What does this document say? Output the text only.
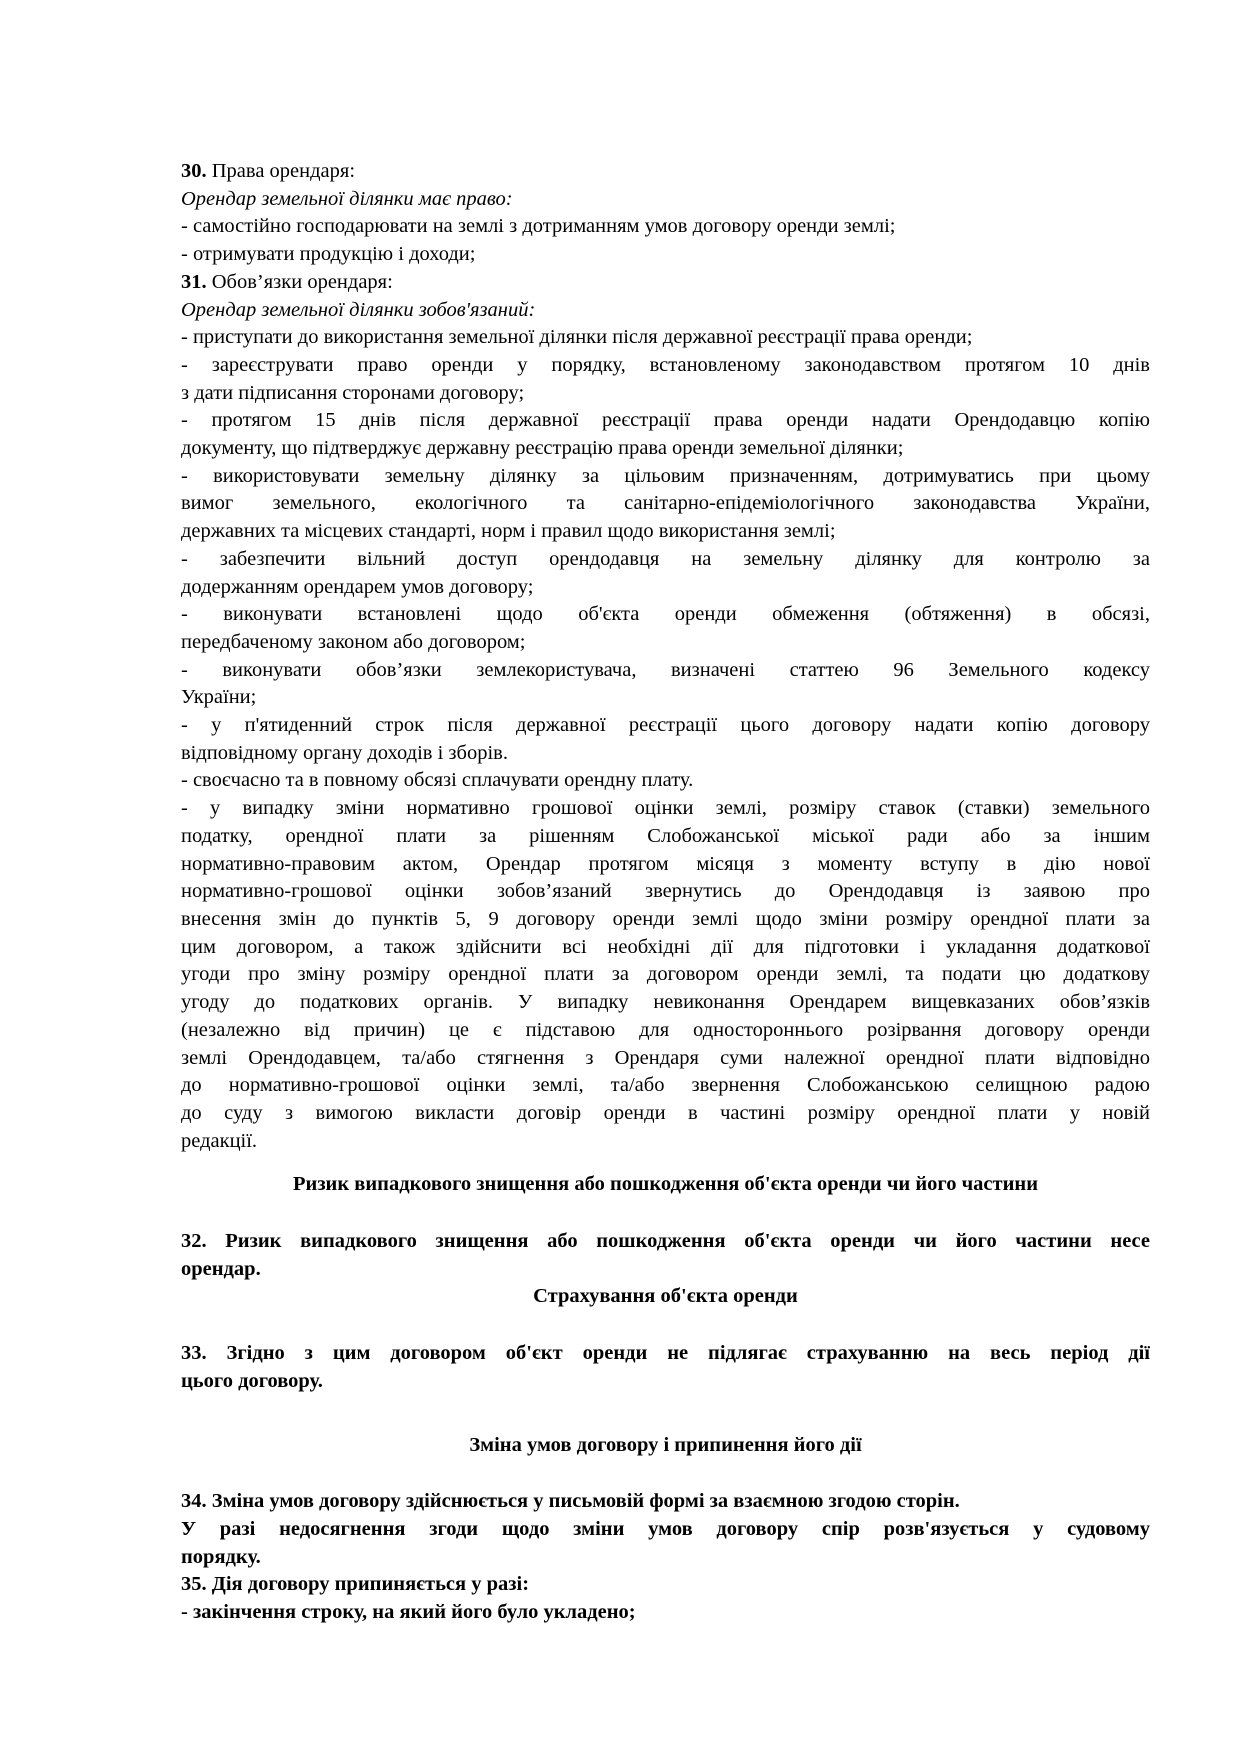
30. Права орендаря:
Орендар земельної ділянки має право:
- самостійно господарювати на землі з дотриманням умов договору оренди землі;
- отримувати продукцію і доходи;
31. Обов’язки орендаря:
Орендар земельної ділянки зобов'язаний:
- приступати до використання земельної ділянки після державної реєстрації права оренди;
- зареєструвати право оренди у порядку, встановленому законодавством протягом 10 днів
з дати підписання сторонами договору;
- протягом 15 днів після державної реєстрації права оренди надати Орендодавцю копію
документу, що підтверджує державну реєстрацію права оренди земельної ділянки;
- використовувати земельну ділянку за цільовим призначенням, дотримуватись при цьому
вимог земельного, екологічного та санітарно-епідеміологічного законодавства України,
державних та місцевих стандарті, норм і правил щодо використання землі;
- забезпечити вільний доступ орендодавця на земельну ділянку для контролю за
додержанням орендарем умов договору;
- виконувати встановлені щодо об'єкта оренди обмеження (обтяження) в обсязі,
передбаченому законом або договором;
- виконувати обов’язки землекористувача, визначені статтею 96 Земельного кодексу
України;
- у п'ятиденний строк після державної реєстрації цього договору надати копію договору
відповідному органу доходів і зборів.
- своєчасно та в повному обсязі сплачувати орендну плату.
- у випадку зміни нормативно грошової оцінки землі, розміру ставок (ставки) земельного
податку, орендної плати за рішенням Слобожанської міської ради або за іншим
нормативно-правовим актом, Орендар протягом місяця з моменту вступу в дію нової
нормативно-грошової оцінки зобов’язаний звернутись до Орендодавця із заявою про
внесення змін до пунктів 5, 9 договору оренди землі щодо зміни розміру орендної плати за
цим договором, а також здійснити всі необхідні дії для підготовки і укладання додаткової
угоди про зміну розміру орендної плати за договором оренди землі, та подати цю додаткову
угоду до податкових органів. У випадку невиконання Орендарем вищевказаних обов’язків
(незалежно від причин) це є підставою для одностороннього розірвання договору оренди
землі Орендодавцем, та/або стягнення з Орендаря суми належної орендної плати відповідно
до нормативно-грошової оцінки землі, та/або звернення Слобожанською селищною радою
до суду з вимогою викласти договір оренди в частині розміру орендної плати у новій
редакції.
Ризик випадкового знищення або пошкодження об'єкта оренди чи його частини
32. Ризик випадкового знищення або пошкодження об'єкта оренди чи його частини несе
орендар.
Страхування об'єкта оренди
33. Згідно з цим договором об'єкт оренди не підлягає страхуванню на весь період дії
цього договору.
Зміна умов договору і припинення його дії
34. Зміна умов договору здійснюється у письмовій формі за взаємною згодою сторін.
У разі недосягнення згоди щодо зміни умов договору спір розв'язується у судовому
порядку.
35. Дія договору припиняється у разі:
- закінчення строку, на який його було укладено;
